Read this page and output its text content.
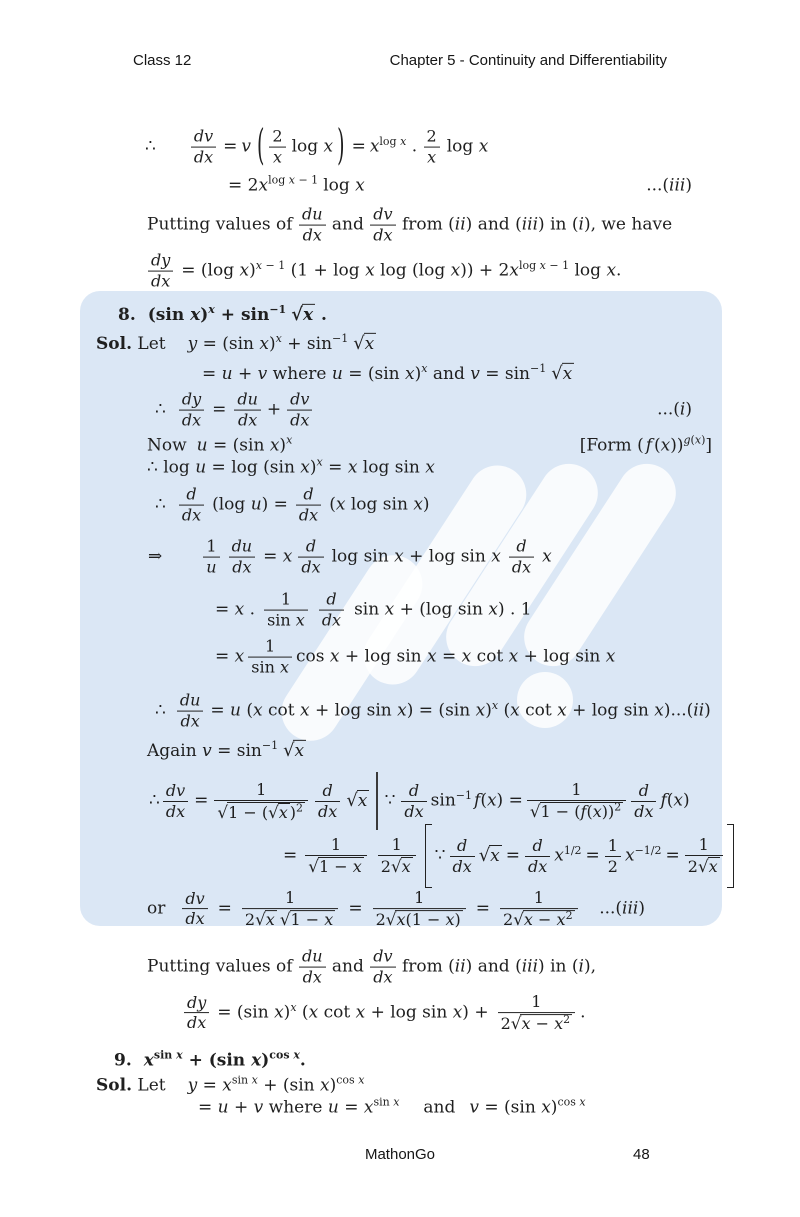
Class 12	Chapter 5 - Continuity and Differentiability
∴ $\frac{dv}{dx} = v$ ( $\frac{2}{x}$ log x ) = $x^{log x}$ . $\frac{2}{x}$ log x
= $2x^{log x - 1}$ log x	...(iii)
Putting values of $\frac{du}{dx}$ and $\frac{dv}{dx}$ from (ii) and (iii) in (i), we have
$\frac{dy}{dx} = (\log$ x)$^{x - 1}$ (1 + log x log (log $x)) + 2x^{log x - 1}$ log x.
8. (sin $x)^x + \sin^{-1} √x$ .
Sol. Let y = (sin $x)^x + \sin^{-1} √x$
= u + v where u = (sin x)$^x$ and $v = \sin^{-1} √x$
∴ $\frac{dy}{dx} = \frac{du}{dx} + \frac{dv}{dx}$	...(i)
Now u = (sin x)$^x$	[Form ( f (x))$^{g(x)}$]
∴ log u = log (sin x)$^x$ = x log sin x
∴ $\frac{d}{dx} (\log$ $u) = \frac{d}{dx} (x$ log sin x)
⇒	$\frac{1}{u} \frac{du}{dx} = x \frac{d}{dx}$ log sin x + log sin x $\frac{d}{dx}$ x
= x . $\frac{1}{\text{sin x}} \frac{d}{dx}$ sin x + (log sin x) . 1
= x $\frac{1}{\text{sin x}}$ cos x + log sin x = x cot x + log sin x
∴ $\frac{du}{dx} = u$ (x cot x + log sin x) = (sin x)$^x$ (x cot x + log sin x)...(ii)
Again $v = \sin^{-1} √x$
∴ $\frac{dv}{dx} = \frac{1}{√1 - (√x )^2} \frac{d}{dx} √x$ ∵ $\frac{d}{dx} \sin^{-1} f(x) = \frac{1}{√1 - (f(x))^2} \frac{d}{dx} f(x)$
= $\frac{1}{√1 - x} \frac{1}{2√x}$ ∵ $\frac{d}{dx} √x = \frac{d}{dx} x^{1/2} = \frac{1}{2} x^{-1/2} = \frac{1}{2√x}$
or $\frac{dv}{dx} = \frac{1}{2√x √1 - x} = \frac{1}{2√x(1 - x)} = \frac{1}{2√x - x^2} ...(iii)$
Putting values of $\frac{du}{dx}$ and $\frac{dv}{dx}$ from (ii) and (iii) in (i),
$\frac{dy}{dx} = (\sin$ x)$^x$ (x $\cot x + \log \sin x) + \frac{1}{2√x - x^2}$ .
9. $x^{sin x} + (\sin$ x)$^{cos x}$.
Sol. Let $y = x^{sin x} + (\sin$ x)$^{cos x}$
= u + v where $u = x^{sin x}$ and v = (sin x)$^{cos x}$
MathonGo	48
